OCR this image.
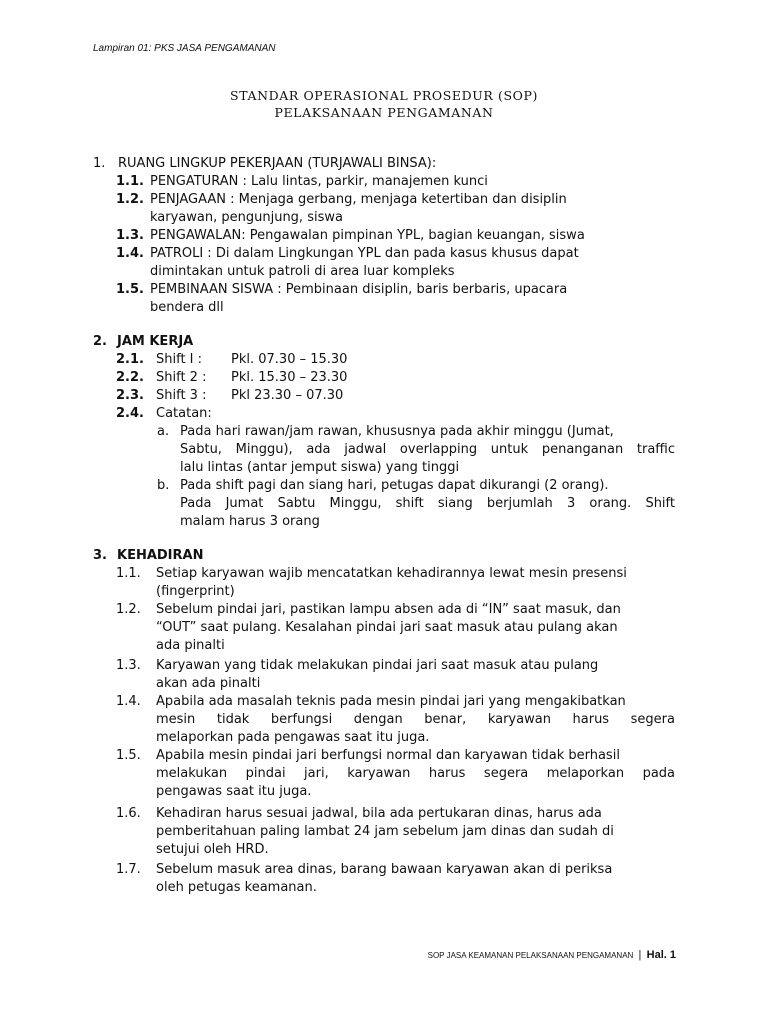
Lampiran 01: PKS JASA PENGAMANAN
STANDAR OPERASIONAL PROSEDUR (SOP)
PELAKSANAAN PENGAMANAN
1. RUANG LINGKUP PEKERJAAN (TURJAWALI BINSA):
1.1. PENGATURAN : Lalu lintas, parkir, manajemen kunci
1.2. PENJAGAAN : Menjaga gerbang, menjaga ketertiban dan disiplin
karyawan, pengunjung, siswa
1.3. PENGAWALAN: Pengawalan pimpinan YPL, bagian keuangan, siswa
1.4. PATROLI : Di dalam Lingkungan YPL dan pada kasus khusus dapat
dimintakan untuk patroli di area luar kompleks
1.5. PEMBINAAN SISWA : Pembinaan disiplin, baris berbaris, upacara
bendera dll
2. JAM KERJA
2.1. Shift I : Pkl. 07.30 – 15.30
2.2. Shift 2 : Pkl. 15.30 – 23.30
2.3. Shift 3 : Pkl 23.30 – 07.30
2.4. Catatan:
a. Pada hari rawan/jam rawan, khususnya pada akhir minggu (Jumat,
Sabtu, Minggu), ada jadwal overlapping untuk penanganan traffic
lalu lintas (antar jemput siswa) yang tinggi
b. Pada shift pagi dan siang hari, petugas dapat dikurangi (2 orang).
Pada Jumat Sabtu Minggu, shift siang berjumlah 3 orang. Shift
malam harus 3 orang
3. KEHADIRAN
1.1. Setiap karyawan wajib mencatatkan kehadirannya lewat mesin presensi
(fingerprint)
1.2. Sebelum pindai jari, pastikan lampu absen ada di “IN” saat masuk, dan
“OUT” saat pulang. Kesalahan pindai jari saat masuk atau pulang akan
ada pinalti
1.3. Karyawan yang tidak melakukan pindai jari saat masuk atau pulang
akan ada pinalti
1.4. Apabila ada masalah teknis pada mesin pindai jari yang mengakibatkan
mesin tidak berfungsi dengan benar, karyawan harus segera
melaporkan pada pengawas saat itu juga.
1.5. Apabila mesin pindai jari berfungsi normal dan karyawan tidak berhasil
melakukan pindai jari, karyawan harus segera melaporkan pada
pengawas saat itu juga.
1.6. Kehadiran harus sesuai jadwal, bila ada pertukaran dinas, harus ada
pemberitahuan paling lambat 24 jam sebelum jam dinas dan sudah di
setujui oleh HRD.
1.7. Sebelum masuk area dinas, barang bawaan karyawan akan di periksa
oleh petugas keamanan.
SOP JASA KEAMANAN PELAKSANAAN PENGAMANAN | Hal. 1
